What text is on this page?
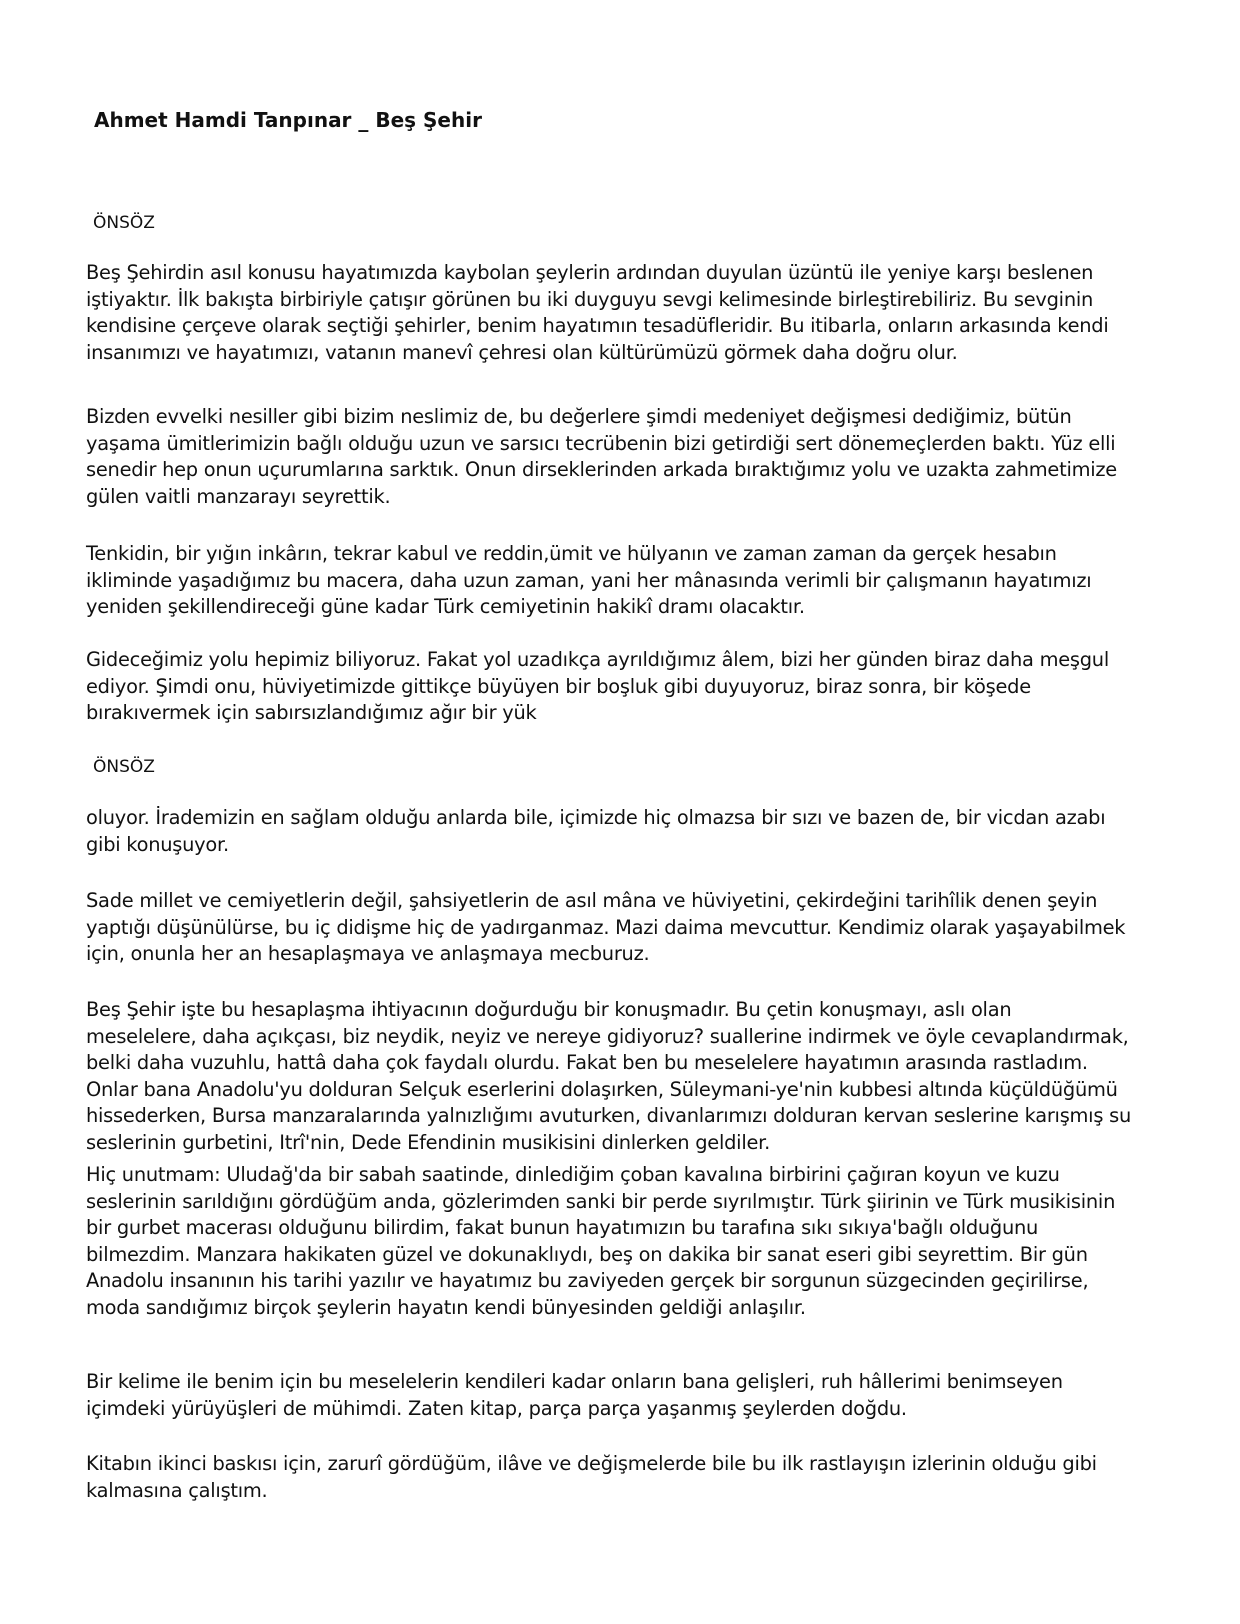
Ahmet Hamdi Tanpınar _ Beş Şehir
ÖNSÖZ

Beş Şehirdin asıl konusu hayatımızda kaybolan şeylerin ardından duyulan üzüntü ile yeniye karşı beslenen
iştiyaktır. İlk bakışta birbiriyle çatışır görünen bu iki duyguyu sevgi kelimesinde birleştirebiliriz. Bu sevginin
kendisine çerçeve olarak seçtiği şehirler, benim hayatımın tesadüfleridir. Bu itibarla, onların arkasında kendi
insanımızı ve hayatımızı, vatanın manevî çehresi olan kültürümüzü görmek daha doğru olur.

Bizden evvelki nesiller gibi bizim neslimiz de, bu değerlere şimdi medeniyet değişmesi dediğimiz, bütün
yaşama ümitlerimizin bağlı olduğu uzun ve sarsıcı tecrübenin bizi getirdiği sert dönemeçlerden baktı. Yüz elli
senedir hep onun uçurumlarına sarktık. Onun dirseklerinden arkada bıraktığımız yolu ve uzakta zahmetimize
gülen vaitli manzarayı seyrettik.

Tenkidin, bir yığın inkârın, tekrar kabul ve reddin,ümit ve hülyanın ve zaman zaman da gerçek hesabın
ikliminde yaşadığımız bu macera, daha uzun zaman, yani her mânasında verimli bir çalışmanın hayatımızı
yeniden şekillendireceği güne kadar Türk cemiyetinin hakikî dramı olacaktır.

Gideceğimiz yolu hepimiz biliyoruz. Fakat yol uzadıkça ayrıldığımız âlem, bizi her günden biraz daha meşgul
ediyor. Şimdi onu, hüviyetimizde gittikçe büyüyen bir boşluk gibi duyuyoruz, biraz sonra, bir köşede
bırakıvermek için sabırsızlandığımız ağır bir yük

ÖNSÖZ

oluyor. İrademizin en sağlam olduğu anlarda bile, içimizde hiç olmazsa bir sızı ve bazen de, bir vicdan azabı
gibi konuşuyor.

Sade millet ve cemiyetlerin değil, şahsiyetlerin de asıl mâna ve hüviyetini, çekirdeğini tarihîlik denen şeyin
yaptığı düşünülürse, bu iç didişme hiç de yadırganmaz. Mazi daima mevcuttur. Kendimiz olarak yaşayabilmek
için, onunla her an hesaplaşmaya ve anlaşmaya mecburuz.

Beş Şehir işte bu hesaplaşma ihtiyacının doğurduğu bir konuşmadır. Bu çetin konuşmayı, aslı olan
meselelere, daha açıkçası, biz neydik, neyiz ve nereye gidiyoruz? suallerine indirmek ve öyle cevaplandırmak,
belki daha vuzuhlu, hattâ daha çok faydalı olurdu. Fakat ben bu meselelere hayatımın arasında rastladım.
Onlar bana Anadolu'yu dolduran Selçuk eserlerini dolaşırken, Süleymani-ye'nin kubbesi altında küçüldüğümü
hissederken, Bursa manzaralarında yalnızlığımı avuturken, divanlarımızı dolduran kervan seslerine karışmış su
seslerinin gurbetini, Itrî'nin, Dede Efendinin musikisini dinlerken geldiler.

Hiç unutmam: Uludağ'da bir sabah saatinde, dinlediğim çoban kavalına birbirini çağıran koyun ve kuzu
seslerinin sarıldığını gördüğüm anda, gözlerimden sanki bir perde sıyrılmıştır. Türk şiirinin ve Türk musikisinin
bir gurbet macerası olduğunu bilirdim, fakat bunun hayatımızın bu tarafına sıkı sıkıya'bağlı olduğunu
bilmezdim. Manzara hakikaten güzel ve dokunaklıydı, beş on dakika bir sanat eseri gibi seyrettim. Bir gün
Anadolu insanının his tarihi yazılır ve hayatımız bu zaviyeden gerçek bir sorgunun süzgecinden geçirilirse,
moda sandığımız birçok şeylerin hayatın kendi bünyesinden geldiği anlaşılır.

Bir kelime ile benim için bu meselelerin kendileri kadar onların bana gelişleri, ruh hâllerimi benimseyen
içimdeki yürüyüşleri de mühimdi. Zaten kitap, parça parça yaşanmış şeylerden doğdu.

Kitabın ikinci baskısı için, zarurî gördüğüm, ilâve ve değişmelerde bile bu ilk rastlayışın izlerinin olduğu gibi
kalmasına çalıştım.
